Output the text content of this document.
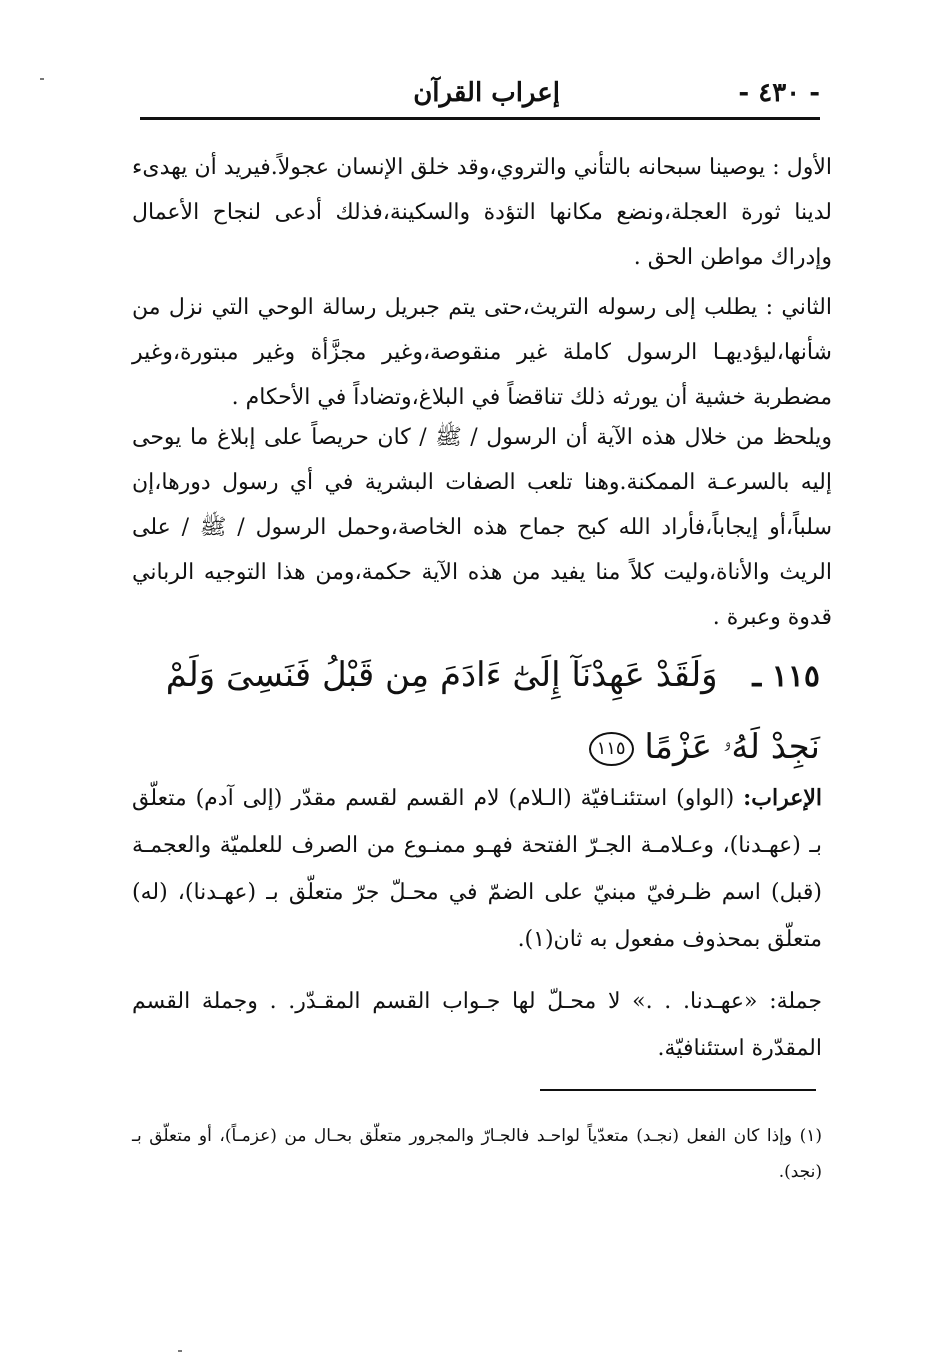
- ٤٣٠ -
إعراب القرآن
الأول : يوصينا سبحانه بالتأني والتروي،وقد خلق الإنسان عجولاً.فيريد أن يهدىء لدينا ثورة العجلة،ونضع مكانها التؤدة والسكينة،فذلك أدعى لنجاح الأعمال وإدراك مواطن الحق .
الثاني : يطلب إلى رسوله التريث،حتى يتم جبريل رسالة الوحي التي نزل من شأنها،ليؤديهـا الرسول كاملة غير منقوصة،وغير مجزَّأة وغير مبتورة،وغير مضطربة خشية أن يورثه ذلك تناقضاً في البلاغ،وتضاداً في الأحكام .
ويلحظ من خلال هذه الآية أن الرسول / ﷺ / كان حريصاً على إبلاغ ما يوحى إليه بالسرعـة الممكنة.وهنا تلعب الصفات البشرية في أي رسول دورها،إن سلباً،أو إيجاباً،فأراد الله كبح جماح هذه الخاصة،وحمل الرسول / ﷺ / على الريث والأناة،وليت كلاً منا يفيد من هذه الآية حكمة،ومن هذا التوجيه الرباني قدوة وعبرة .
١١٥ ـ وَلَقَدْ عَهِدْنَآ إِلَىٰٓ ءَادَمَ مِن قَبْلُ فَنَسِىَ وَلَمْ نَجِدْ لَهُۥ عَزْمًا ١١٥
الإعراب: (الواو) استئنـافيّة (الـلام) لام القسم لقسم مقدّر (إلى آدم) متعلّق بـ (عهـدنا)، وعـلامـة الجـرّ الفتحة فهـو ممنـوع من الصرف للعلميّة والعجمـة (قبل) اسم ظـرفيّ مبنيّ على الضمّ في محـلّ جرّ متعلّق بـ (عهـدنا)، (له) متعلّق بمحذوف مفعول به ثان(١).
جملة: «عهـدنا. . .» لا محـلّ لها جـواب القسم المقـدّر. . وجملة القسم المقدّرة استئنافيّة.
(١) وإذا كان الفعل (نجـد) متعدّياً لواحـد فالجـارّ والمجرور متعلّق بحـال من (عزمـاً)، أو متعلّق بـ (نجد).
